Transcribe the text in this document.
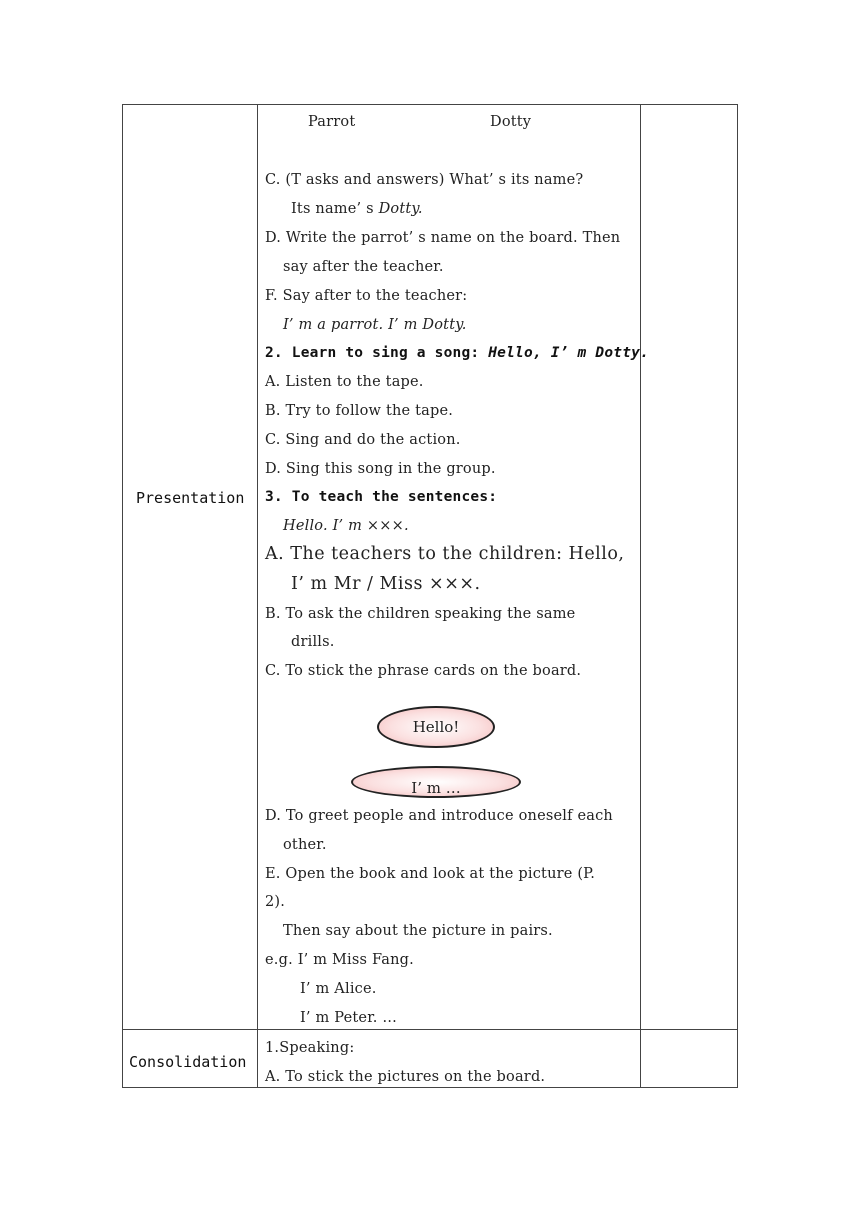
Presentation
Consolidation
Parrot	Dotty
C. (T asks and answers) What’ s its name?
Its name’ s Dotty.
D. Write the parrot’ s name on the board. Then
say after the teacher.
F. Say after to the teacher:
I’ m a parrot. I’ m Dotty.
2. Learn to sing a song: Hello, I’ m Dotty.
A. Listen to the tape.
B. Try to follow the tape.
C. Sing and do the action.
D. Sing this song in the group.
3. To teach the sentences:
Hello. I’ m ×××.
A. The teachers to the children: Hello,
I’ m Mr / Miss ×××.
B. To ask the children speaking the same
drills.
C. To stick the phrase cards on the board.
Hello!
I’ m …
D. To greet people and introduce oneself each
other.
E. Open the book and look at the picture (P.
2).
Then say about the picture in pairs.
e.g. I’ m Miss Fang.
I’ m Alice.
I’ m Peter. …
1.Speaking:
A. To stick the pictures on the board.
